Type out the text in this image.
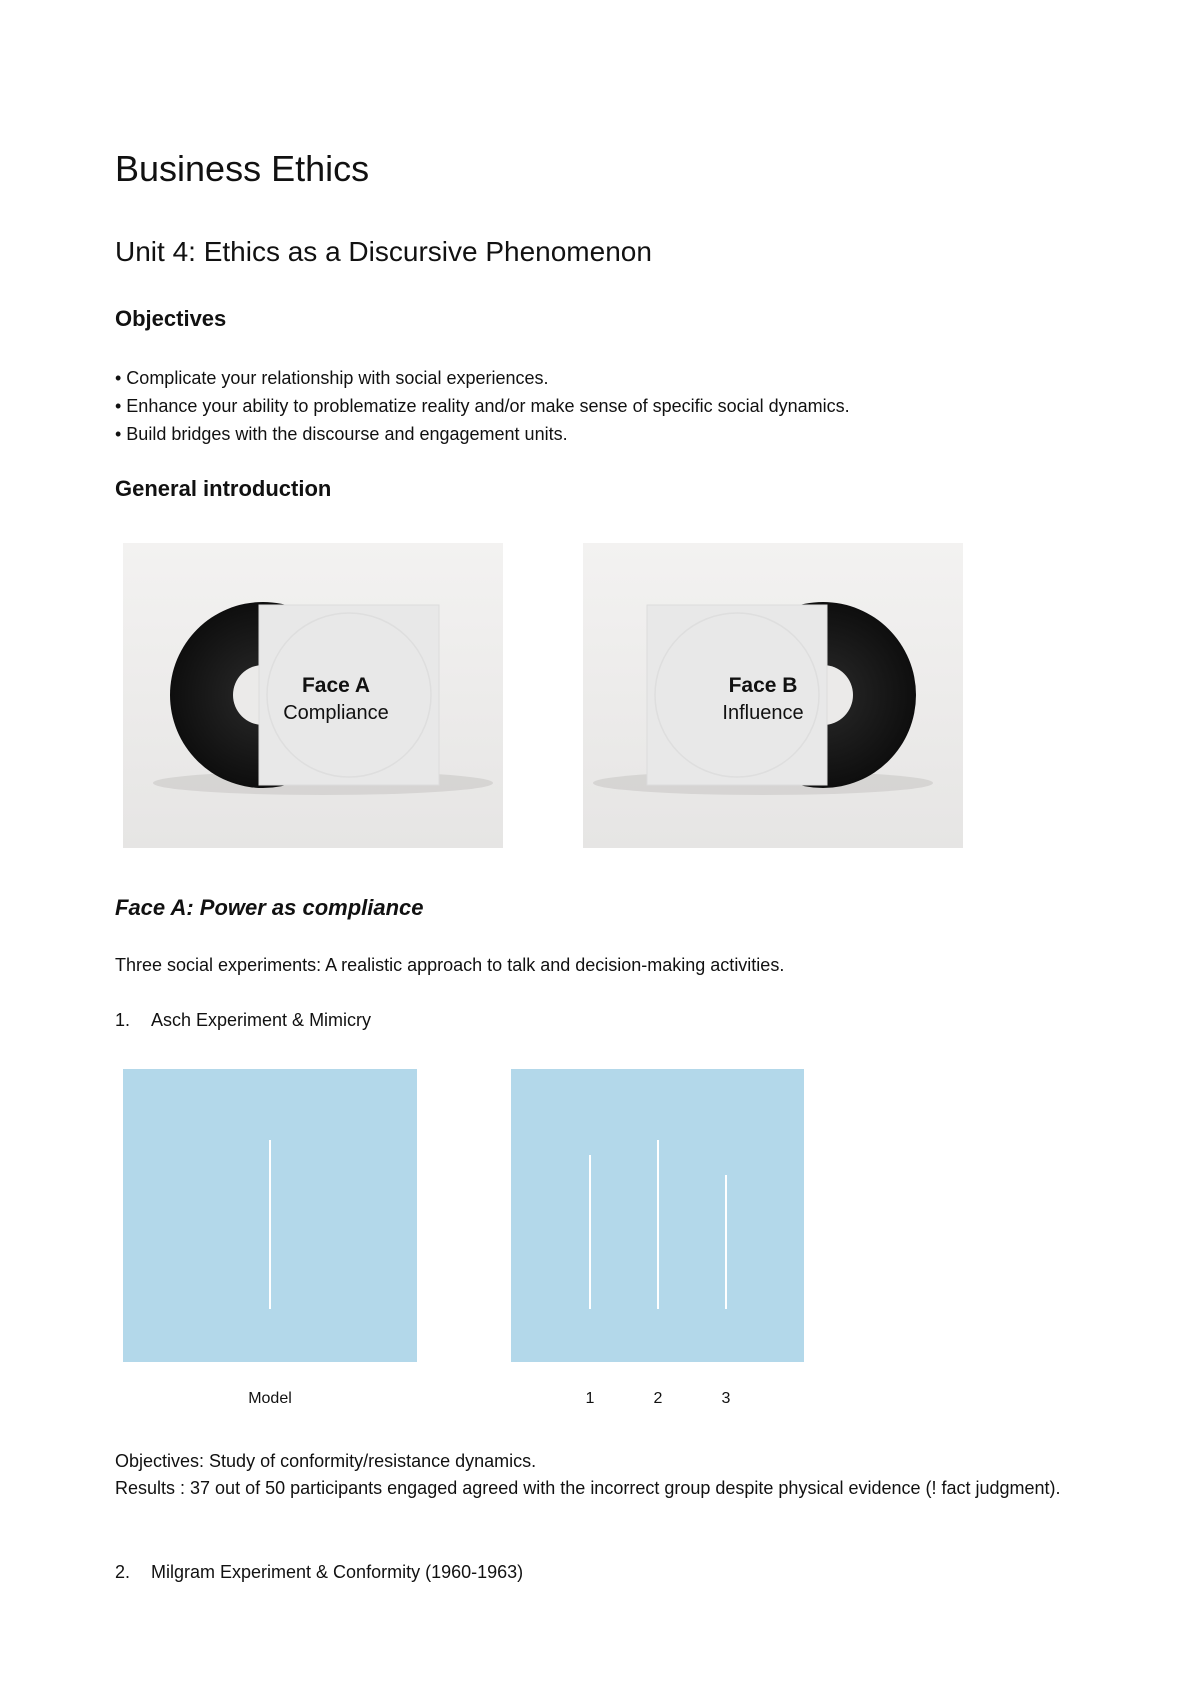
Business Ethics
Unit 4: Ethics as a Discursive Phenomenon
Objectives
• Complicate your relationship with social experiences.
• Enhance your ability to problematize reality and/or make sense of specific social dynamics.
• Build bridges with the discourse and engagement units.
General introduction
Face A
Compliance
Face B
Influence
Face A: Power as compliance

Three social experiments: A realistic approach to talk and decision-making activities.

1. Asch Experiment & Mimicry

Model	1	2	3
Objectives: Study of conformity/resistance dynamics.
Results : 37 out of 50 participants engaged agreed with the incorrect group despite physical evidence (! fact judgment).

2. Milgram Experiment & Conformity (1960-1963)
